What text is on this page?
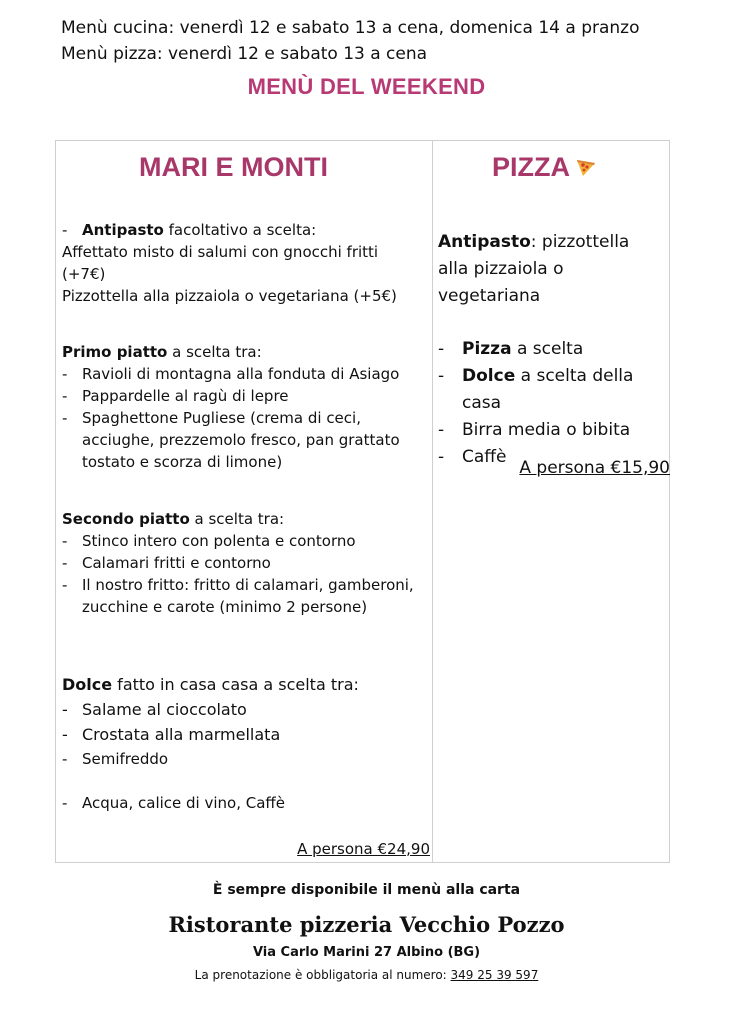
Menù cucina: venerdì 12 e sabato 13 a cena, domenica 14 a pranzo
Menù pizza: venerdì 12 e sabato 13 a cena
MENÙ DEL WEEKEND
MARI E MONTI	PIZZA
- Antipasto facoltativo a scelta:
Affettato misto di salumi con gnocchi fritti
(+7€)
Pizzottella alla pizzaiola o vegetariana (+5€)
Primo piatto a scelta tra:
- Ravioli di montagna alla fonduta di Asiago
- Pappardelle al ragù di lepre
- Spaghettone Pugliese (crema di ceci, acciughe, prezzemolo fresco, pan grattato tostato e scorza di limone)
Secondo piatto a scelta tra:
- Stinco intero con polenta e contorno
- Calamari fritti e contorno
- Il nostro fritto: fritto di calamari, gamberoni, zucchine e carote (minimo 2 persone)
Dolce fatto in casa casa a scelta tra:
- Salame al cioccolato
- Crostata alla marmellata
- Semifreddo
- Acqua, calice di vino, Caffè
A persona €24,90
Antipasto: pizzottella alla pizzaiola o vegetariana
- Pizza a scelta
- Dolce a scelta della casa
- Birra media o bibita
- Caffè
A persona €15,90
È sempre disponibile il menù alla carta
Ristorante pizzeria Vecchio Pozzo
Via Carlo Marini 27 Albino (BG)
La prenotazione è obbligatoria al numero: 349 25 39 597
